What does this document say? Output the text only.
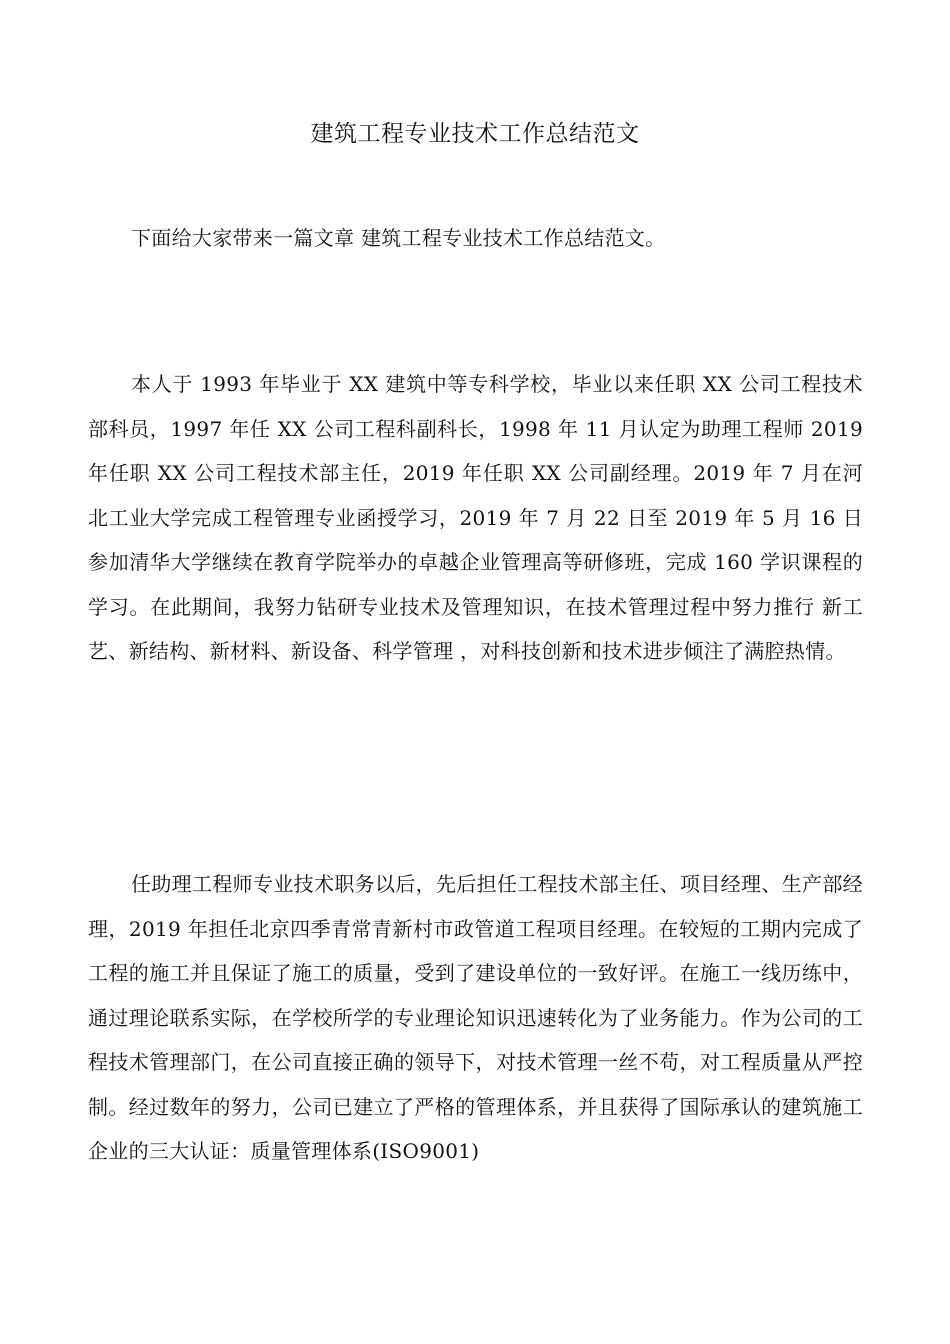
建筑工程专业技术工作总结范文

下面给大家带来一篇文章 建筑工程专业技术工作总结范文。

本人于 1993 年毕业于 XX 建筑中等专科学校，毕业以来任职 XX 公司工程技术部科员，1997 年任 XX 公司工程科副科长，1998 年 11 月认定为助理工程师 2019 年任职 XX 公司工程技术部主任，2019 年任职 XX 公司副经理。2019 年 7 月在河北工业大学完成工程管理专业函授学习，2019 年 7 月 22 日至 2019 年 5 月 16 日参加清华大学继续在教育学院举办的卓越企业管理高等研修班，完成 160 学识课程的学习。在此期间，我努力钻研专业技术及管理知识，在技术管理过程中努力推行 新工艺、新结构、新材料、新设备、科学管理 ，对科技创新和技术进步倾注了满腔热情。

任助理工程师专业技术职务以后，先后担任工程技术部主任、项目经理、生产部经理，2019 年担任北京四季青常青新村市政管道工程项目经理。在较短的工期内完成了工程的施工并且保证了施工的质量，受到了建设单位的一致好评。在施工一线历练中，通过理论联系实际，在学校所学的专业理论知识迅速转化为了业务能力。作为公司的工程技术管理部门，在公司直接正确的领导下，对技术管理一丝不苟，对工程质量从严控制。经过数年的努力，公司已建立了严格的管理体系，并且获得了国际承认的建筑施工企业的三大认证：质量管理体系(ISO9001)
